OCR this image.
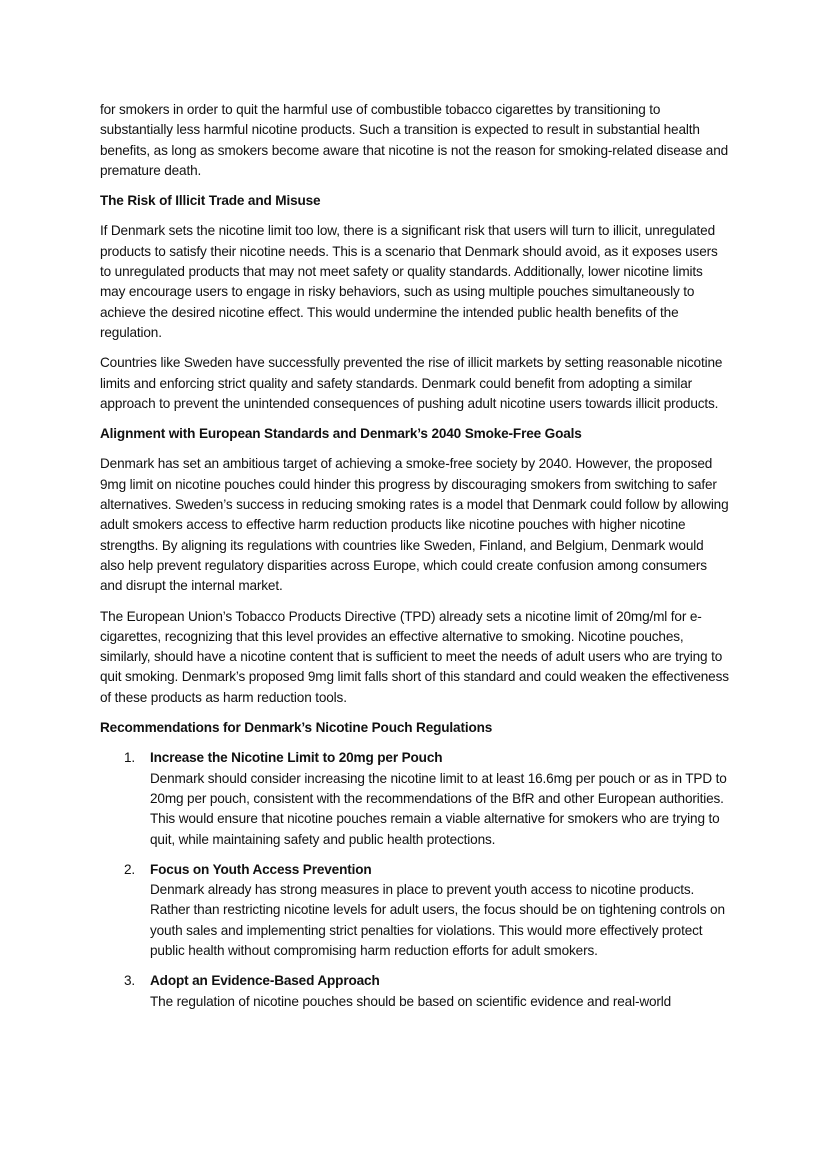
for smokers in order to quit the harmful use of combustible tobacco cigarettes by transitioning to substantially less harmful nicotine products. Such a transition is expected to result in substantial health benefits, as long as smokers become aware that nicotine is not the reason for smoking-related disease and premature death.

The Risk of Illicit Trade and Misuse

If Denmark sets the nicotine limit too low, there is a significant risk that users will turn to illicit, unregulated products to satisfy their nicotine needs. This is a scenario that Denmark should avoid, as it exposes users to unregulated products that may not meet safety or quality standards. Additionally, lower nicotine limits may encourage users to engage in risky behaviors, such as using multiple pouches simultaneously to achieve the desired nicotine effect. This would undermine the intended public health benefits of the regulation.

Countries like Sweden have successfully prevented the rise of illicit markets by setting reasonable nicotine limits and enforcing strict quality and safety standards. Denmark could benefit from adopting a similar approach to prevent the unintended consequences of pushing adult nicotine users towards illicit products.

Alignment with European Standards and Denmark’s 2040 Smoke-Free Goals

Denmark has set an ambitious target of achieving a smoke-free society by 2040. However, the proposed 9mg limit on nicotine pouches could hinder this progress by discouraging smokers from switching to safer alternatives. Sweden’s success in reducing smoking rates is a model that Denmark could follow by allowing adult smokers access to effective harm reduction products like nicotine pouches with higher nicotine strengths. By aligning its regulations with countries like Sweden, Finland, and Belgium, Denmark would also help prevent regulatory disparities across Europe, which could create confusion among consumers and disrupt the internal market.

The European Union’s Tobacco Products Directive (TPD) already sets a nicotine limit of 20mg/ml for e-cigarettes, recognizing that this level provides an effective alternative to smoking. Nicotine pouches, similarly, should have a nicotine content that is sufficient to meet the needs of adult users who are trying to quit smoking. Denmark’s proposed 9mg limit falls short of this standard and could weaken the effectiveness of these products as harm reduction tools.

Recommendations for Denmark’s Nicotine Pouch Regulations
1. Increase the Nicotine Limit to 20mg per Pouch
Denmark should consider increasing the nicotine limit to at least 16.6mg per pouch or as in TPD to 20mg per pouch, consistent with the recommendations of the BfR and other European authorities. This would ensure that nicotine pouches remain a viable alternative for smokers who are trying to quit, while maintaining safety and public health protections.
2. Focus on Youth Access Prevention
Denmark already has strong measures in place to prevent youth access to nicotine products. Rather than restricting nicotine levels for adult users, the focus should be on tightening controls on youth sales and implementing strict penalties for violations. This would more effectively protect public health without compromising harm reduction efforts for adult smokers.
3. Adopt an Evidence-Based Approach
The regulation of nicotine pouches should be based on scientific evidence and real-world
